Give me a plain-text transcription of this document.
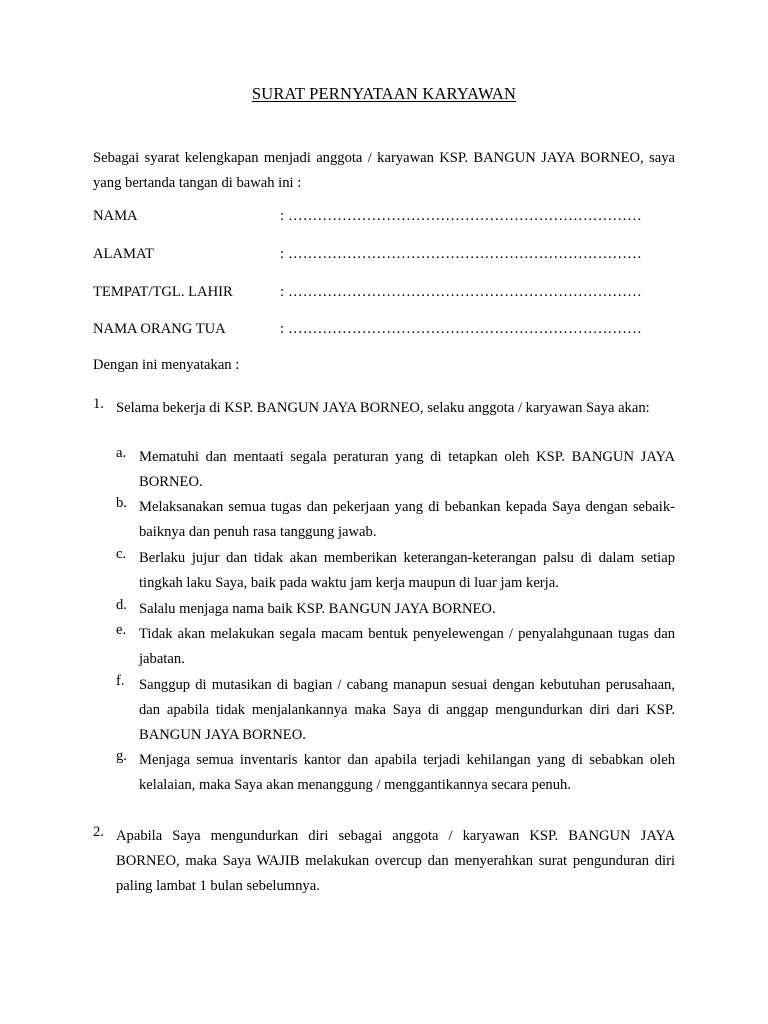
SURAT PERNYATAAN KARYAWAN

Sebagai syarat kelengkapan menjadi anggota / karyawan KSP. BANGUN JAYA BORNEO, saya yang bertanda tangan di bawah ini :

NAMA	: ………………………………………………………………
ALAMAT	: ………………………………………………………………
TEMPAT/TGL. LAHIR	: ………………………………………………………………
NAMA ORANG TUA	: ………………………………………………………………

Dengan ini menyatakan :

1. Selama bekerja di KSP. BANGUN JAYA BORNEO, selaku anggota / karyawan Saya akan:

a. Mematuhi dan mentaati segala peraturan yang di tetapkan oleh KSP. BANGUN JAYA BORNEO.

b. Melaksanakan semua tugas dan pekerjaan yang di bebankan kepada Saya dengan sebaik-baiknya dan penuh rasa tanggung jawab.

c. Berlaku jujur dan tidak akan memberikan keterangan-keterangan palsu di dalam setiap tingkah laku Saya, baik pada waktu jam kerja maupun di luar jam kerja.

d. Salalu menjaga nama baik KSP. BANGUN JAYA BORNEO.

e. Tidak akan melakukan segala macam bentuk penyelewengan / penyalahgunaan tugas dan jabatan.

f. Sanggup di mutasikan di bagian / cabang manapun sesuai dengan kebutuhan perusahaan, dan apabila tidak menjalankannya maka Saya di anggap mengundurkan diri dari KSP. BANGUN JAYA BORNEO.

g. Menjaga semua inventaris kantor dan apabila terjadi kehilangan yang di sebabkan oleh kelalaian, maka Saya akan menanggung / menggantikannya secara penuh.

2. Apabila Saya mengundurkan diri sebagai anggota / karyawan KSP. BANGUN JAYA BORNEO, maka Saya WAJIB melakukan overcup dan menyerahkan surat pengunduran diri paling lambat 1 bulan sebelumnya.
